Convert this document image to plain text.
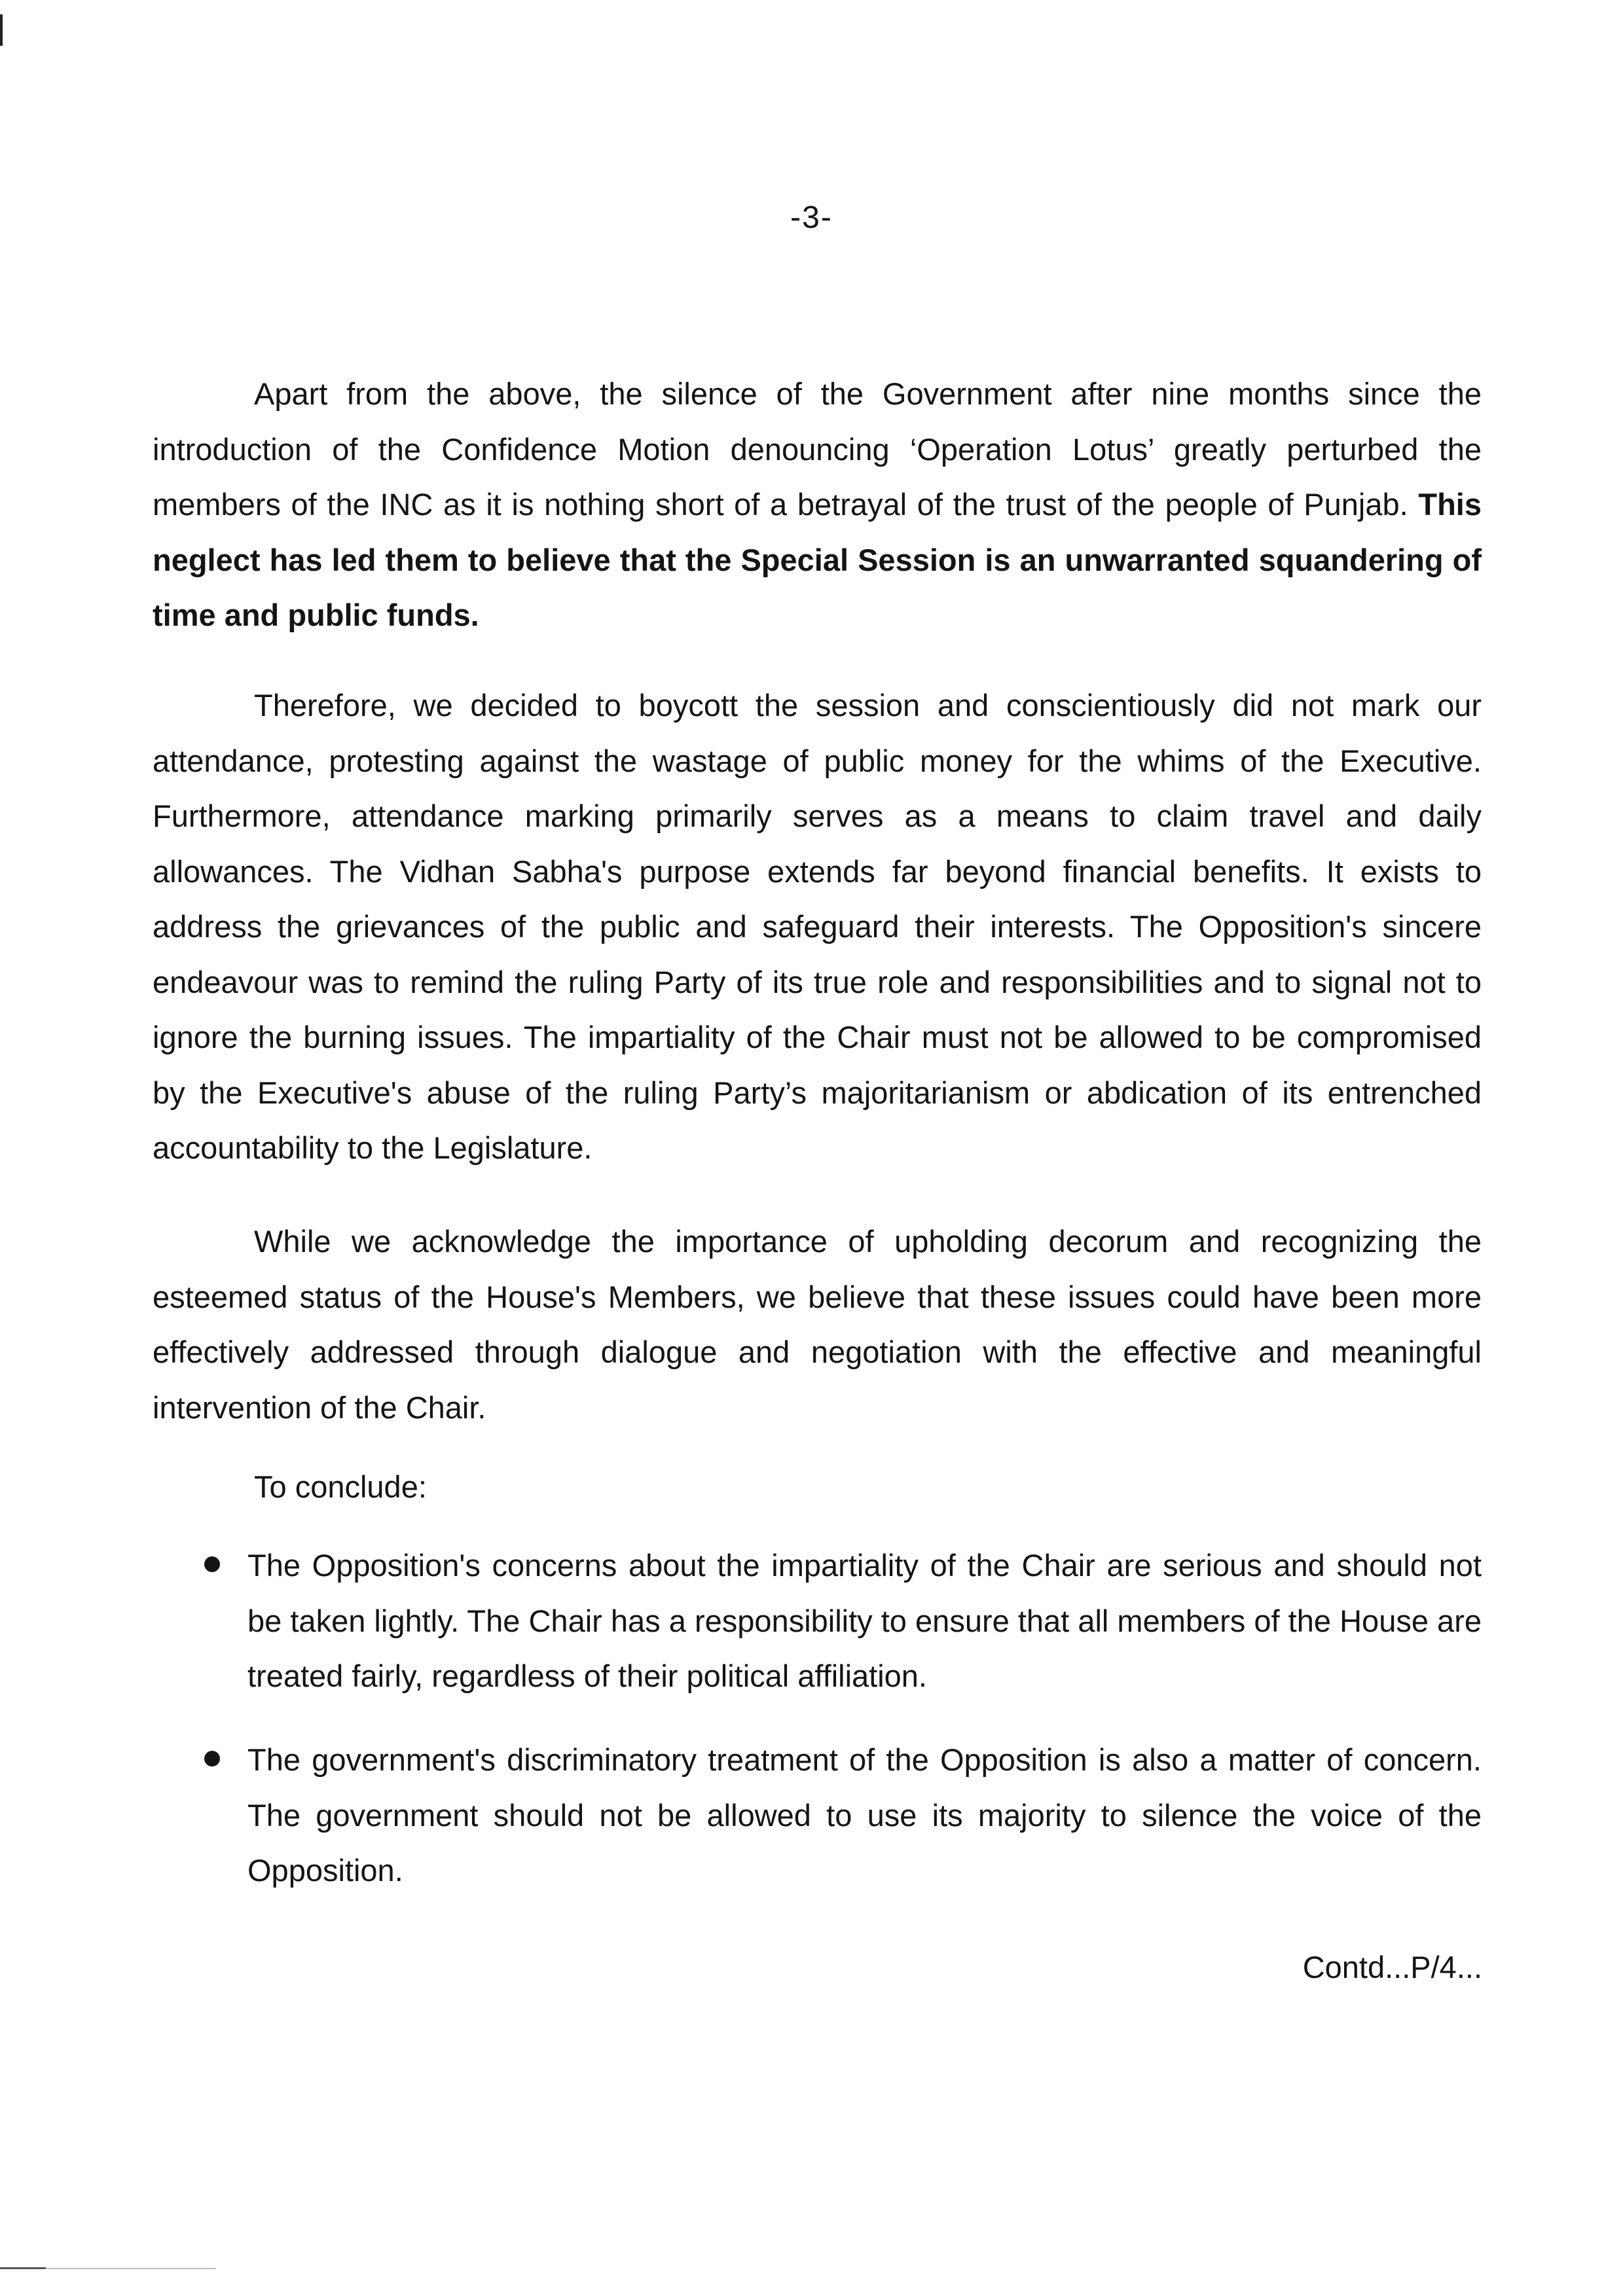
-3-

Apart from the above, the silence of the Government after nine months since the introduction of the Confidence Motion denouncing ‘Operation Lotus’ greatly perturbed the members of the INC as it is nothing short of a betrayal of the trust of the people of Punjab. This neglect has led them to believe that the Special Session is an unwarranted squandering of time and public funds.

Therefore, we decided to boycott the session and conscientiously did not mark our attendance, protesting against the wastage of public money for the whims of the Executive. Furthermore, attendance marking primarily serves as a means to claim travel and daily allowances. The Vidhan Sabha's purpose extends far beyond financial benefits. It exists to address the grievances of the public and safeguard their interests. The Opposition's sincere endeavour was to remind the ruling Party of its true role and responsibilities and to signal not to ignore the burning issues. The impartiality of the Chair must not be allowed to be compromised by the Executive's abuse of the ruling Party’s majoritarianism or abdication of its entrenched accountability to the Legislature.

While we acknowledge the importance of upholding decorum and recognizing the esteemed status of the House's Members, we believe that these issues could have been more effectively addressed through dialogue and negotiation with the effective and meaningful intervention of the Chair.

To conclude:
The Opposition's concerns about the impartiality of the Chair are serious and should not be taken lightly. The Chair has a responsibility to ensure that all members of the House are treated fairly, regardless of their political affiliation.
The government's discriminatory treatment of the Opposition is also a matter of concern. The government should not be allowed to use its majority to silence the voice of the Opposition.
Contd...P/4...
